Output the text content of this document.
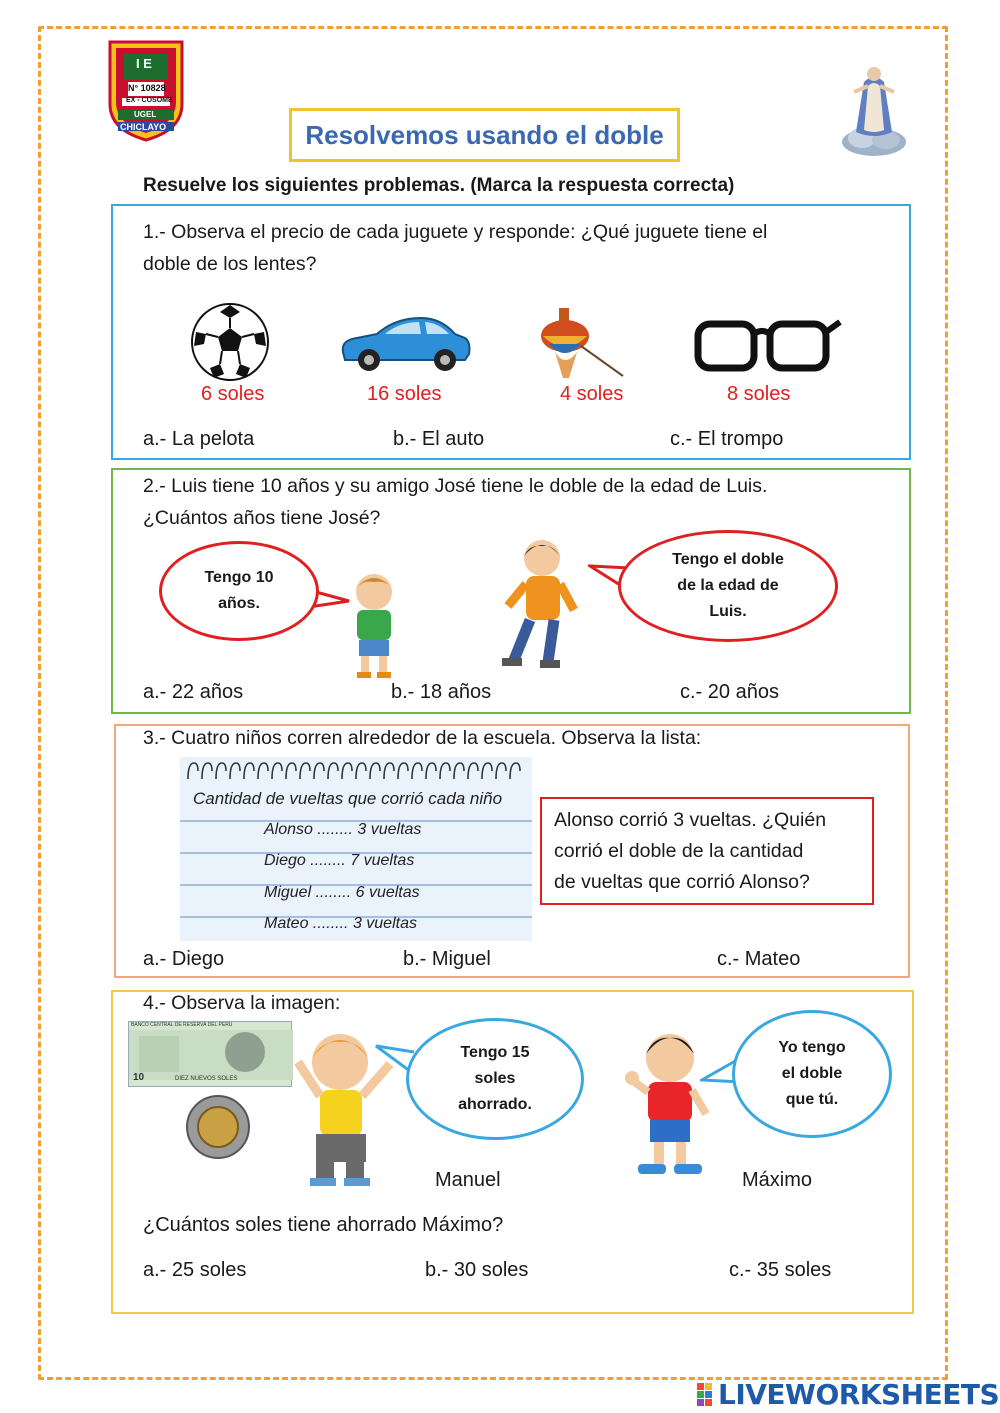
I E
N° 10828
EX - COSOME
UGEL
CHICLAYO	Resolvemos usando el doble
Resuelve los siguientes problemas. (Marca la respuesta correcta)
1.- Observa el precio de cada juguete y responde: ¿Qué juguete tiene el
doble de los lentes?
6 soles	16 soles	4 soles	8 soles
a.- La pelota	b.- El auto	c.- El trompo
2.- Luis tiene 10 años y su amigo José tiene le doble de la edad de Luis.
¿Cuántos años tiene José?
Tengo 10
años.
Tengo el doble
de la edad de
Luis.
a.- 22 años	b.- 18 años	c.- 20 años
3.- Cuatro niños corren alrededor de la escuela. Observa la lista:
Cantidad de vueltas que corrió cada niño
Alonso ........ 3 vueltas
Diego ........ 7 vueltas
Miguel ........ 6 vueltas
Mateo ........ 3 vueltas
Alonso corrió 3 vueltas. ¿Quién
corrió el doble de la cantidad
de vueltas que corrió Alonso?
a.- Diego	b.- Miguel	c.- Mateo
4.- Observa la imagen:
BANCO CENTRAL DE RESERVA DEL PERU
10	DIEZ NUEVOS SOLES
Tengo 15
soles
ahorrado.
Yo tengo
el doble
que tú.
Manuel	Máximo
¿Cuántos soles tiene ahorrado Máximo?
a.- 25 soles	b.- 30 soles	c.- 35 soles
LIVEWORKSHEETS
